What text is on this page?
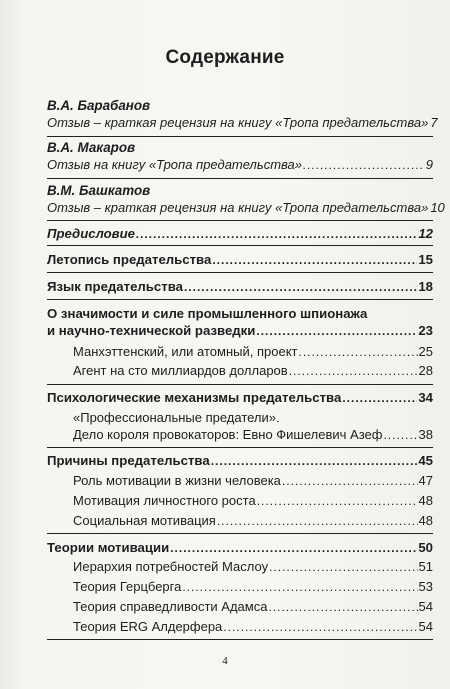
Содержание
В.А. Барабанов
Отзыв – краткая рецензия на книгу «Тропа предательства» 7
В.А. Макаров
Отзыв на книгу «Тропа предательства» .....	9
В.М. Башкатов
Отзыв – краткая рецензия на книгу «Тропа предательства» 10
Предисловие .....	12
Летопись предательства .....	15
Язык предательства .....	18
О значимости и силе промышленного шпионажа
и научно-технической разведки .....	23
Манхэттенский, или атомный, проект .....	25
Агент на сто миллиардов долларов .....	28
Психологические механизмы предательства .....	34
«Профессиональные предатели».
Дело короля провокаторов: Евно Фишелевич Азеф .....	38
Причины предательства .....	45
Роль мотивации в жизни человека .....	47
Мотивация личностного роста .....	48
Социальная мотивация .....	48
Теории мотивации .....	50
Иерархия потребностей Маслоу .....	51
Теория Герцберга .....	53
Теория справедливости Адамса .....	54
Теория ERG Алдерфера .....	54
4
